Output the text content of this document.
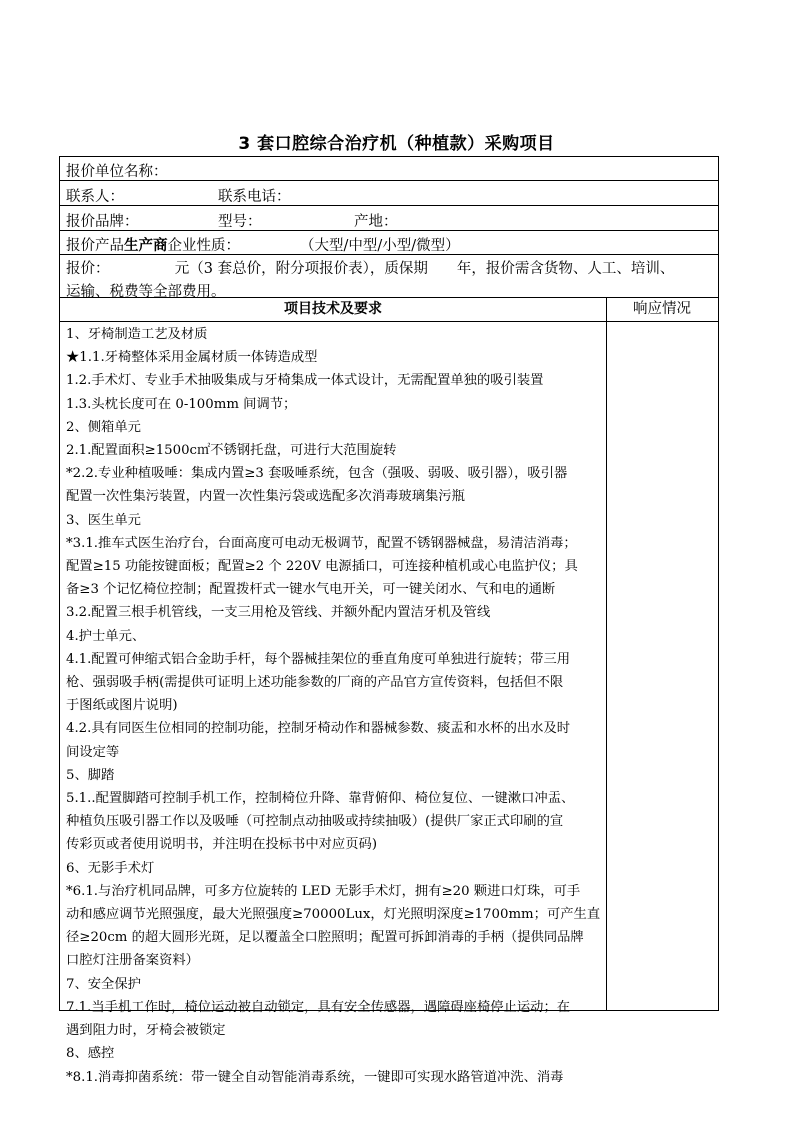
3 套口腔综合治疗机（种植款）采购项目
报价单位名称：
联系人：	联系电话：
报价品牌：	型号：	产地：
报价产品生产商企业性质：	（大型/中型/小型/微型）
报价：　　　　　元（3 套总价，附分项报价表），质保期　　年，报价需含货物、人工、培训、
运输、税费等全部费用。
项目技术及要求	响应情况
1、牙椅制造工艺及材质
★1.1.牙椅整体采用金属材质一体铸造成型
1.2.手术灯、专业手术抽吸集成与牙椅集成一体式设计，无需配置单独的吸引装置
1.3.头枕长度可在 0-100mm 间调节；
2、侧箱单元
2.1.配置面积≥1500c㎡不锈钢托盘，可进行大范围旋转
*2.2.专业种植吸唾：集成内置≥3 套吸唾系统，包含（强吸、弱吸、吸引器），吸引器
配置一次性集污装置，内置一次性集污袋或选配多次消毒玻璃集污瓶
3、医生单元
*3.1.推车式医生治疗台，台面高度可电动无极调节，配置不锈钢器械盘，易清洁消毒；
配置≥15 功能按键面板；配置≥2 个 220V 电源插口，可连接种植机或心电监护仪；具
备≥3 个记忆椅位控制；配置拨杆式一键水气电开关，可一键关闭水、气和电的通断
3.2.配置三根手机管线，一支三用枪及管线、并额外配内置洁牙机及管线
4.护士单元、
4.1.配置可伸缩式铝合金助手杆，每个器械挂架位的垂直角度可单独进行旋转；带三用
枪、强弱吸手柄(需提供可证明上述功能参数的厂商的产品官方宣传资料，包括但不限
于图纸或图片说明)
4.2.具有同医生位相同的控制功能，控制牙椅动作和器械参数、痰盂和水杯的出水及时
间设定等
5、脚踏
5.1..配置脚踏可控制手机工作，控制椅位升降、靠背俯仰、椅位复位、一键漱口冲盂、
种植负压吸引器工作以及吸唾（可控制点动抽吸或持续抽吸）(提供厂家正式印刷的宣
传彩页或者使用说明书，并注明在投标书中对应页码)
6、无影手术灯
*6.1.与治疗机同品牌，可多方位旋转的 LED 无影手术灯，拥有≥20 颗进口灯珠，可手
动和感应调节光照强度，最大光照强度≥70000Lux，灯光照明深度≥1700mm；可产生直
径≥20cm 的超大圆形光斑，足以覆盖全口腔照明；配置可拆卸消毒的手柄（提供同品牌
口腔灯注册备案资料）
7、安全保护
7.1.当手机工作时，椅位运动被自动锁定，具有安全传感器，遇障碍座椅停止运动；在
遇到阻力时，牙椅会被锁定
8、感控
*8.1.消毒抑菌系统：带一键全自动智能消毒系统，一键即可实现水路管道冲洗、消毒
